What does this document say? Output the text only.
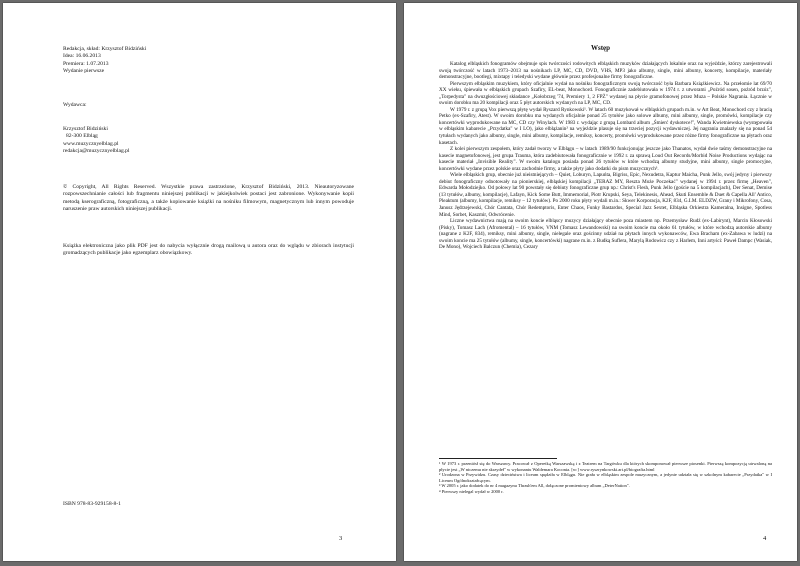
Redakcja, skład: Krzysztof Bidziński
Idea: 16.06.2013
Premiera: 1.07.2013
Wydanie pierwsze
Wydawca:
Krzysztof Bidziński
82-300 Elbląg
www.muzycznyelblag.pl
redakcja@muzycznyelblag.pl
© Copyright, All Rights Reserved. Wszystkie prawa zastrzeżone, Krzysztof Bidziński, 2013. Nieautoryzowane rozpowszechnianie całości lub fragmentu niniejszej publikacji w jakiejkolwiek postaci jest zabronione. Wykonywanie kopii metodą kserograficzną, fotograficzną, a także kopiowanie książki na nośniku filmowym, magnetycznym lub innym powoduje naruszenie praw autorskich niniejszej publikacji.
Książka elektroniczna jako plik PDF jest do nabycia wyłącznie drogą mailową u autora oraz do wglądu w zbiorach instytucji gromadzących publikacje jako egzemplarz obowiązkowy.
ISBN 978-83-929158-8-1
3
Wstęp

Katalog elbląskich fonogramów obejmuje spis twórczości rodowitych elbląskich muzyków działających lokalnie oraz na wyjeździe, którzy zarejestrowali swoją twórczość w latach 1973–2013 na nośnikach LP, MC, CD, DVD, VHS, MP3 jako albumy, single, mini albumy, koncerty, kompilacje, materiały demonstracyjne, bootlegi, mixtapy i teledyski wydane głównie przez profesjonalne firmy fonograficzne.

Pierwszym elbląskim muzykiem, który oficjalnie wydał na nośniku fonograficznym swoją twórczość była Barbara Książkiewicz. Na przełomie lat 69/70 XX wieku, śpiewała w elbląskich grupach Szafiry, EL-beat, Monochord. Fonograficznie zadebiutowała w 1974 r. z utworami „Poźród sosen, poźród brzóz", „Torpedysta" na dwuzgłościowej składance „Kołobrzeg '74, Premiery 1, 2 FPŻ" wydanej na płycie gramofonowej przez Muza – Polskie Nagrania. Łącznie w swoim dorobku ma 20 kompilacji oraz 5 płyt autorskich wydanych na LP, MC, CD.

W 1979 r. z grupą Vox pierwszą płytę wydał Ryszard Rynkowski¹. W latach 60 muzykował w elbląskich grupach m.in. w Art Beat, Monochord czy z bracią Petko (ex-Szafiry, Atest). W swoim dorobku ma wydanych oficjalnie ponad 25 tytułów jako solowe albumy, mini albumy, single, promówki, kompilacje czy koncertówki wyprodukowane na MC, CD czy Winylach. W 1983 r. wydając z grupą Lombard album „Śmierć dyskotece!", Wanda Kwietniewska (występowała w elbląskim kabarecie „Przydatka" w I LO), jako elblążanin² na wyjeździe plasuje się na trzeciej pozycji wydawniczej. Jej nagrania znalazły się na ponad 54 tytułach wydanych jako albumy, single, mini albumy, kompilacje, remiksy, koncerty, promówki wyprodukowane przez różne firmy fonograficzne na płytach oraz kasetach.

Z kolei pierwszym zespołem, który zadał tworzy w Elblągu – w latach 1989/90 funkcjonując jeszcze jako Thanatos, wydał dwie taśmy demonstracyjne na kasecie magnetofonowej, jest grupa Trauma, która zadebiutowała fonograficznie w 1992 r. za sprawą Loud Out Records/Morbid Noise Productions wydając na kasecie materiał „Invisible Reality". W swoim katalogu posiada ponad 26 tytułów w które wchodzą albumy studyjne, mini albumy, single promocyjne, koncertówki wydane przez polskie oraz zachodnie firmy, a także płyty jako dodatki do pism muzycznych³.

Wiele elbląskich grup, obecnie już nieistniejących – Quiet, Loburyn, Lapuńta, Bigriss, Epic, Nexudetra, Kaptur Maicha, Punk Jello, swój jedyny i pierwszy debiut fonograficzny odnotowały na pionierskiej, elbląskiej kompilacji „TERAZ MY, Reszta Może Poczekać" wydanej w 1994 r. przez firmę „Heaven", Edwarda Mołodziejko. Od połowy lat 90 powstały się debiuty fonograficzne grup np.: Christ's Flesh, Punk Jello (goście na 5 kompilacjach), Der Senat, Demise (13 tytułów, albumy, kompilacje), Lafayn, Kick Some Butt, Immemorial, Piotr Krupski, Seya, Telekinesis, Ahead, Skuti Ensemble & Duet & Capella All' Antico, Pleaktum (albumy, kompilacje, remiksy – 12 tytułów). Po 2000 roku płyty wydali m.in.: Skwer Korporacja, K2F, 834, G.I.M. ELDZW, Grany i Mikrofony, Cosa, Janusz Jędrzejewski, Chór Cantata, Chór Redemptoris, Enter Chaos, Funky Bastardos, Special Jazz Sextet, Elbląska Orkiestra Kameralna, Insigne, Spotless Mind, Sorbet, Kaszmir, Odwrócenie.

Liczne wydawnictwa mają na swoim koncie elbląscy muzycy działający obecnie poza miastem np. Przemysław Rudź (ex-Labirynt), Marcin Kłosowski (Pisky), Tomasz Lach (Afromental) – 16 tytułów, VNM (Tomasz Lewandowski) na swoim koncie ma około 61 tytułów, w które wchodzą autorskie albumy (nagrane z K2F, 834), remiksy, mini albumy, single, nielegale oraz gościnny udział na płytach innych wykonawców, Ewa Bracham (ex-Zabawa w ludzi) na swoim koncie ma 25 tytułów (albumy, single, koncertówki) nagrane m.in. z Budką Suflera, Marylą Rodowicz czy z Harlem, Inni artyści: Paweł Dampc (Wasiak, De Mono), Wojciech Balczun (Chemia), Cezary

¹ W 1973 r. przeniósł się do Warszawy. Pracował z Operetką Warszawską i z Teatrem na Targówku dla których skomponował pierwsze piosenki. Pierwszą kompozycją utrwaloną na płycie jest „W niczemu nie skrzydeł" w wykonaniu Waldemara Koconia. [w:] www.ryszrynkowski.art.pl/biografia.html

² Urodzona w Przywidzu. Czasy dzieciństwa i liceum spędziła w Elblągu. Nie grała w elbląskim zespole muzycznym, a jedynie udziała się w szkolnym kabarecie „Przydatka" w I Liceum Ogólnokształcącym.

³ W 2005 r. jako dodatek do nr 4 magazynu Thrash'em All, dołączone promieniowy album „DeterNation".

⁴ Pierwszy nielegal wydał w 2000 r.

4
